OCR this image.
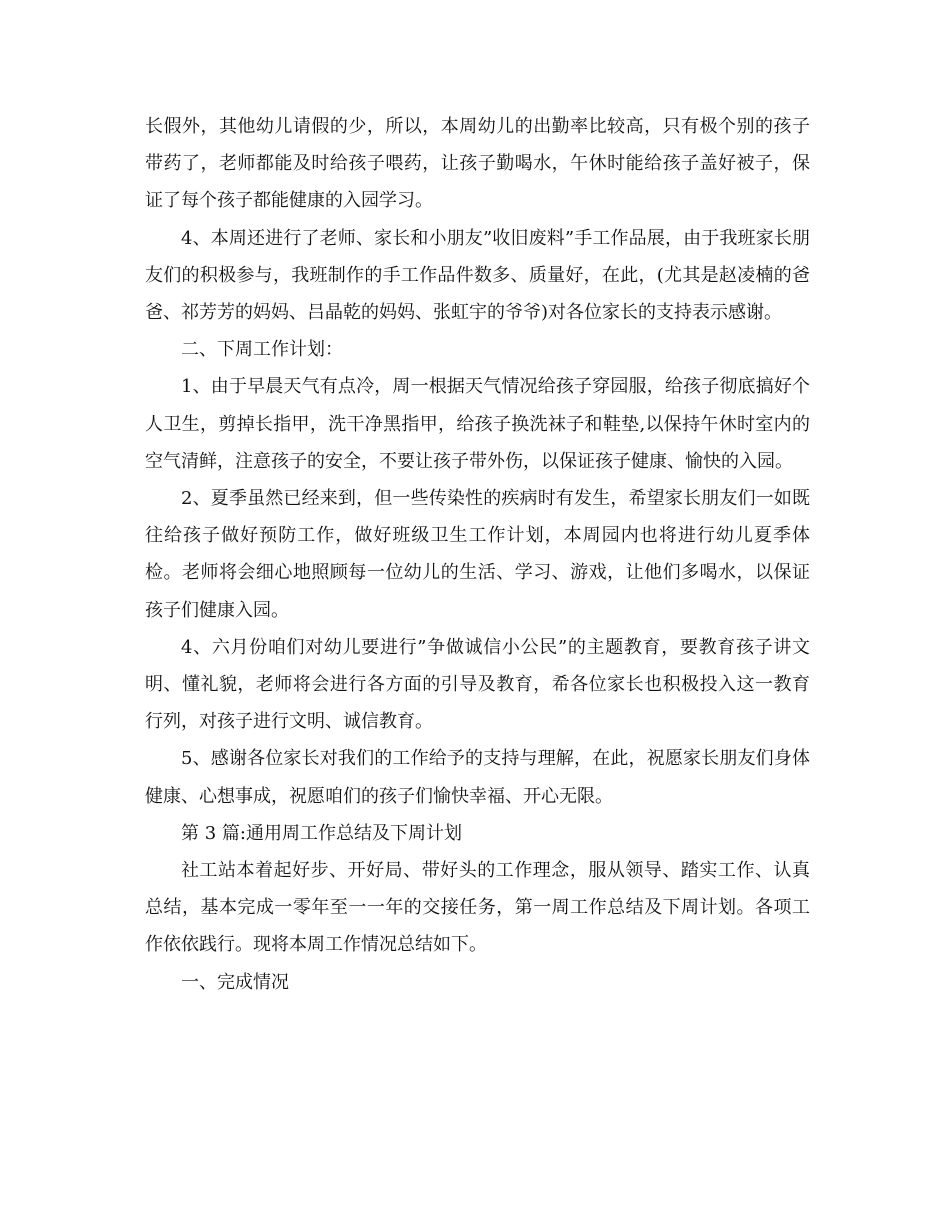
长假外，其他幼儿请假的少，所以，本周幼儿的出勤率比较高，只有极个别的孩子带药了，老师都能及时给孩子喂药，让孩子勤喝水，午休时能给孩子盖好被子，保证了每个孩子都能健康的入园学习。

4、本周还进行了老师、家长和小朋友”收旧废料”手工作品展，由于我班家长朋友们的积极参与，我班制作的手工作品件数多、质量好，在此，(尤其是赵凌楠的爸爸、祁芳芳的妈妈、吕晶乾的妈妈、张虹宇的爷爷)对各位家长的支持表示感谢。

二、下周工作计划：

1、由于早晨天气有点冷，周一根据天气情况给孩子穿园服，给孩子彻底搞好个人卫生，剪掉长指甲，洗干净黑指甲，给孩子换洗袜子和鞋垫,以保持午休时室内的空气清鲜，注意孩子的安全，不要让孩子带外伤，以保证孩子健康、愉快的入园。

2、夏季虽然已经来到，但一些传染性的疾病时有发生，希望家长朋友们一如既往给孩子做好预防工作，做好班级卫生工作计划，本周园内也将进行幼儿夏季体检。老师将会细心地照顾每一位幼儿的生活、学习、游戏，让他们多喝水，以保证孩子们健康入园。

4、六月份咱们对幼儿要进行”争做诚信小公民”的主题教育，要教育孩子讲文明、懂礼貌，老师将会进行各方面的引导及教育，希各位家长也积极投入这一教育行列，对孩子进行文明、诚信教育。

5、感谢各位家长对我们的工作给予的支持与理解，在此，祝愿家长朋友们身体健康、心想事成，祝愿咱们的孩子们愉快幸福、开心无限。

第 3 篇:通用周工作总结及下周计划

社工站本着起好步、开好局、带好头的工作理念，服从领导、踏实工作、认真总结，基本完成一零年至一一年的交接任务，第一周工作总结及下周计划。各项工作依依践行。现将本周工作情况总结如下。

一、完成情况
